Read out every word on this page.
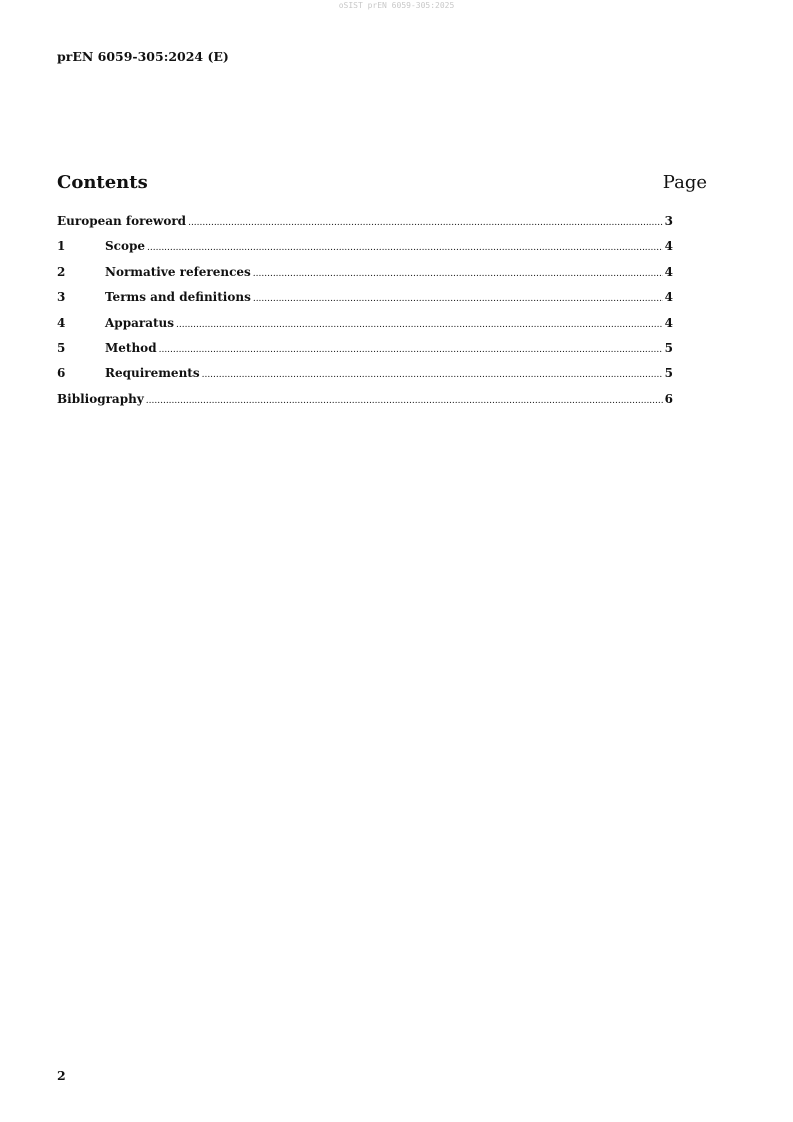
oSIST prEN 6059-305:2025
prEN 6059-305:2024 (E)
Contents	Page
European foreword .....	3
1	Scope .....	4
2	Normative references .....	4
3	Terms and definitions .....	4
4	Apparatus .....	4
5	Method .....	5
6	Requirements .....	5
Bibliography .....	6
2
